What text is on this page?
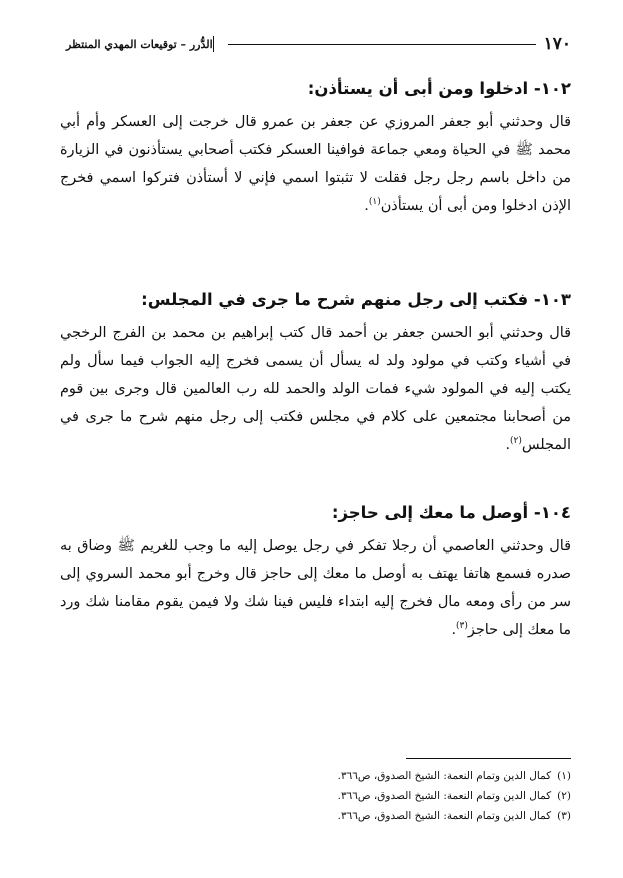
١٧٠
الدُّرر – توقيعات المهدي المنتظر
١٠٢- ادخلوا ومن أبى أن يستأذن:

قال وحدثني أبو جعفر المروزي عن جعفر بن عمرو قال خرجت إلى العسكر وأم أبي محمد ﷺ في الحياة ومعي جماعة فوافينا العسكر فكتب أصحابي يستأذنون في الزيارة من داخل باسم رجل رجل فقلت لا تثبتوا اسمي فإني لا أستأذن فتركوا اسمي فخرج الإذن ادخلوا ومن أبى أن يستأذن$^{(١)}$.

١٠٣- فكتب إلى رجل منهم شرح ما جرى في المجلس:

قال وحدثني أبو الحسن جعفر بن أحمد قال كتب إبراهيم بن محمد بن الفرج الرخجي في أشياء وكتب في مولود ولد له يسأل أن يسمى فخرج إليه الجواب فيما سأل ولم يكتب إليه في المولود شيء فمات الولد والحمد لله رب العالمين قال وجرى بين قوم من أصحابنا مجتمعين على كلام في مجلس فكتب إلى رجل منهم شرح ما جرى في المجلس$^{(٢)}$.

١٠٤- أوصل ما معك إلى حاجز:

قال وحدثني العاصمي أن رجلا تفكر في رجل يوصل إليه ما وجب للغريم ﷺ وضاق به صدره فسمع هاتفا يهتف به أوصل ما معك إلى حاجز قال وخرج أبو محمد السروي إلى سر من رأى ومعه مال فخرج إليه ابتداء فليس فينا شك ولا فيمن يقوم مقامنا شك ورد ما معك إلى حاجز$^{(٣)}$.

(١)كمال الدين وتمام النعمة: الشيخ الصدوق، ص٣٦٦.

(٢)كمال الدين وتمام النعمة: الشيخ الصدوق، ص٣٦٦.

(٣)كمال الدين وتمام النعمة: الشيخ الصدوق، ص٣٦٦.
